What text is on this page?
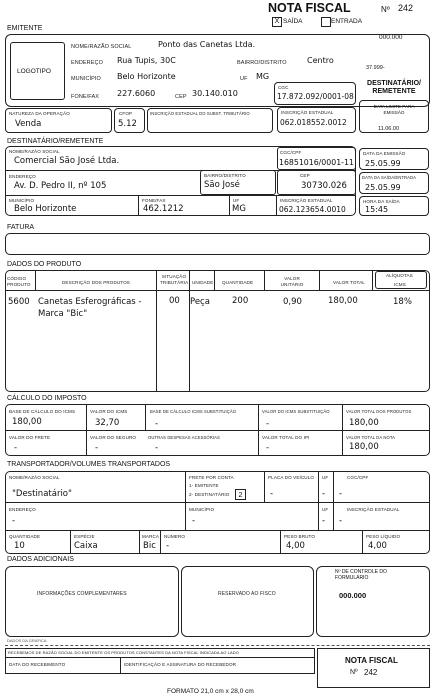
NOTA FISCAL	Nº 242
X SAÍDA	ENTRADA
000.000
EMITENTE
LOGOTIPO
NOME/RAZÃO SOCIAL	Ponto das Canetas Ltda.
ENDEREÇO Rua Tupis, 30C	BAIRRO/DISTRITO	Centro
37.999-
MUNICÍPIO Belo Horizonte	UF MG
FONE/FAX 227.6060	CEP 30.140.010
CGC
17.872.092/0001-08
DESTINATÁRIO/ REMETENTE
NATUREZA DA OPERAÇÃO
Venda
CFOP
5.12
INSCRIÇÃO ESTADUAL DO SUBST. TRIBUTÁRIO	INSCRIÇÃO ESTADUAL
062.018552.0012
DATA LIMITE PARA EMISSÃO
11.06.00
DESTINATÁRIO/REMETENTE
NOME/RAZÃO SOCIAL
Comercial São José Ltda.
CGC/CPF
16851016/0001-11
ENDEREÇO
Av. D. Pedro II, nº 105
BAIRRO/DISTRITO
São José
CEP
30730.026
MUNICÍPIO
Belo Horizonte
FONE/FAX
462.1212
UF
MG
INSCRIÇÃO ESTADUAL
062.123654.0010
DATA DA EMISSÃO
25.05.99
DATA DA SAÍDA/ENTRADA
25.05.99
HORA DA SAÍDA
15:45
FATURA
DADOS DO PRODUTO
CÓDIGO PRODUTO	DESCRIÇÃO DOS PRODUTOS
SITUAÇÃO TRIBUTÁRIA UNIDADE QUANTIDADE
VALOR UNITÁRIO	VALOR TOTAL
ALÍQUOTAS
ICMS
5600 Canetas Esferográficas -
Marca "Bic"
00 Peça	200	0,90	180,00	18%
CÁLCULO DO IMPOSTO
BASE DE CÁLCULO DO ICMS
180,00
VALOR DO ICMS
32,70
BASE DE CÁLCULO ICMS SUBSTITUIÇÃO
-
VALOR DO ICMS SUBSTITUIÇÃO
-
VALOR TOTAL DOS PRODUTOS
180,00
VALOR DO FRETE
-
VALOR DO SEGURO
-
OUTRAS DESPESAS ACESSÓRIAS
-
VALOR TOTAL DO IPI
-
VALOR TOTAL DA NOTA
180,00
TRANSPORTADOR/VOLUMES TRANSPORTADOS
NOME/RAZÃO SOCIAL
"Destinatário"
FRETE POR CONTA
1- EMITENTE
2- DESTINATÁRIO	2
PLACA DO VEÍCULO
-
UF
-
CGC/CPF
-
ENDEREÇO
-
MUNICÍPIO
-
UF
-
INSCRIÇÃO ESTADUAL
-
QUANTIDADE
10
ESPÉCIE
Caixa
MARCA
Bic
NÚMERO
-
PESO BRUTO
4,00
PESO LÍQUIDO
4,00
DADOS ADICIONAIS
INFORMAÇÕES COMPLEMENTARES	RESERVADO AO FISCO
Nº DE CONTROLE DO FORMULÁRIO
000.000
DADOS DA GRÁFICA
RECEBEMOS DE RAZÃO SOCIAL DO EMITENTE OS PRODUTOS CONSTANTES DA NOTA FISCAL INDICADA AO LADO
DATA DO RECEBIMENTO	IDENTIFICAÇÃO E ASSINATURA DO RECEBEDOR	NOTA FISCAL
Nº 242
FORMATO 21,0 cm x 28,0 cm
